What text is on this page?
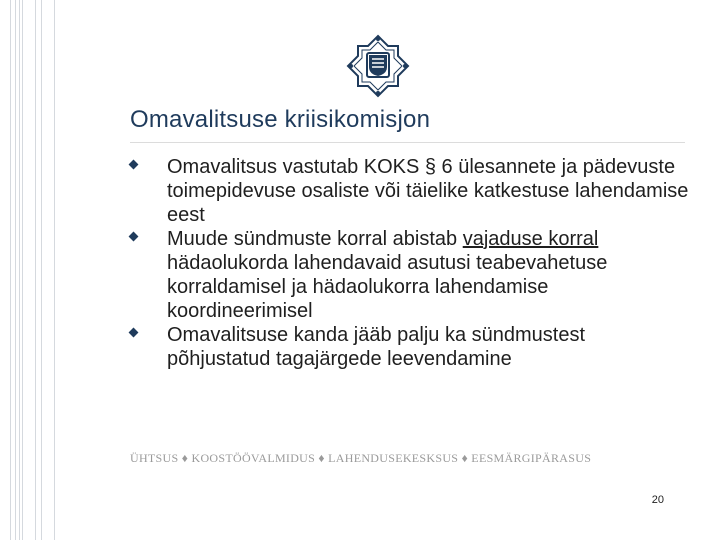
Omavalitsuse kriisikomisjon
Omavalitsus vastutab KOKS § 6 ülesannete ja pädevuste toimepidevuse osaliste või täielike katkestuse lahendamise eest
Muude sündmuste korral abistab vajaduse korral hädaolukorda lahendavaid asutusi teabevahetuse korraldamisel ja hädaolukorra lahendamise koordineerimisel
Omavalitsuse kanda jääb palju ka sündmustest põhjustatud tagajärgede leevendamine
ÜHTSUS ♦ KOOSTÖÖVALMIDUS ♦ LAHENDUSEKESKSUS ♦ EESMÄRGIPÄRASUS
20
